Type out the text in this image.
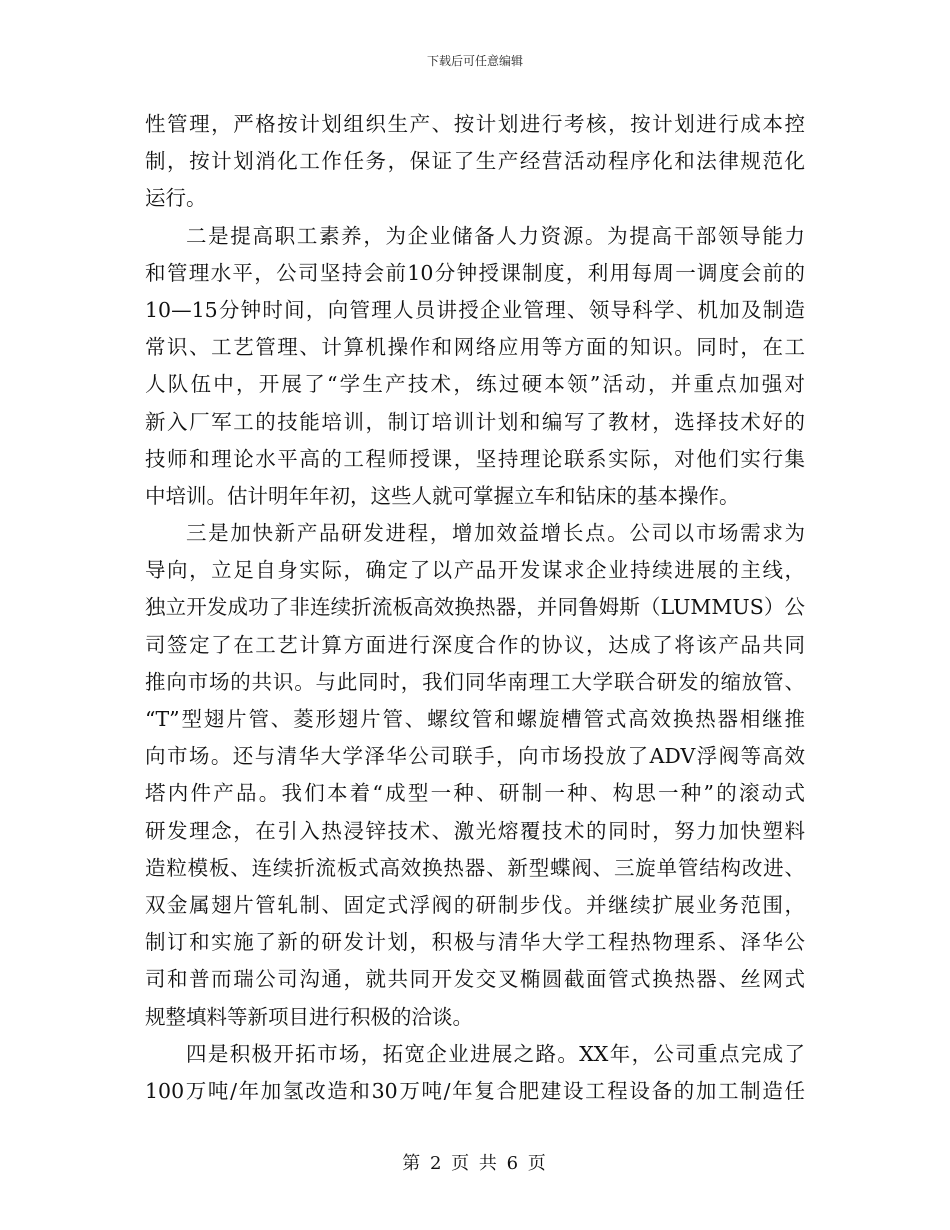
下载后可任意编辑
性管理，严格按计划组织生产、按计划进行考核，按计划进行成本控
制，按计划消化工作任务，保证了生产经营活动程序化和法律规范化
运行。
二是提高职工素养，为企业储备人力资源。为提高干部领导能力
和管理水平，公司坚持会前10分钟授课制度，利用每周一调度会前的
10—15分钟时间，向管理人员讲授企业管理、领导科学、机加及制造
常识、工艺管理、计算机操作和网络应用等方面的知识。同时，在工
人队伍中，开展了“学生产技术，练过硬本领”活动，并重点加强对
新入厂军工的技能培训，制订培训计划和编写了教材，选择技术好的
技师和理论水平高的工程师授课，坚持理论联系实际，对他们实行集
中培训。估计明年年初，这些人就可掌握立车和钻床的基本操作。
三是加快新产品研发进程，增加效益增长点。公司以市场需求为
导向，立足自身实际，确定了以产品开发谋求企业持续进展的主线，
独立开发成功了非连续折流板高效换热器，并同鲁姆斯（LUMMUS）公
司签定了在工艺计算方面进行深度合作的协议，达成了将该产品共同
推向市场的共识。与此同时，我们同华南理工大学联合研发的缩放管、
“T”型翅片管、菱形翅片管、螺纹管和螺旋槽管式高效换热器相继推
向市场。还与清华大学泽华公司联手，向市场投放了ADV浮阀等高效
塔内件产品。我们本着“成型一种、研制一种、构思一种”的滚动式
研发理念，在引入热浸锌技术、激光熔覆技术的同时，努力加快塑料
造粒模板、连续折流板式高效换热器、新型蝶阀、三旋单管结构改进、
双金属翅片管轧制、固定式浮阀的研制步伐。并继续扩展业务范围，
制订和实施了新的研发计划，积极与清华大学工程热物理系、泽华公
司和普而瑞公司沟通，就共同开发交叉椭圆截面管式换热器、丝网式
规整填料等新项目进行积极的洽谈。
四是积极开拓市场，拓宽企业进展之路。XX年，公司重点完成了
100万吨/年加氢改造和30万吨/年复合肥建设工程设备的加工制造任
第 2 页 共 6 页
